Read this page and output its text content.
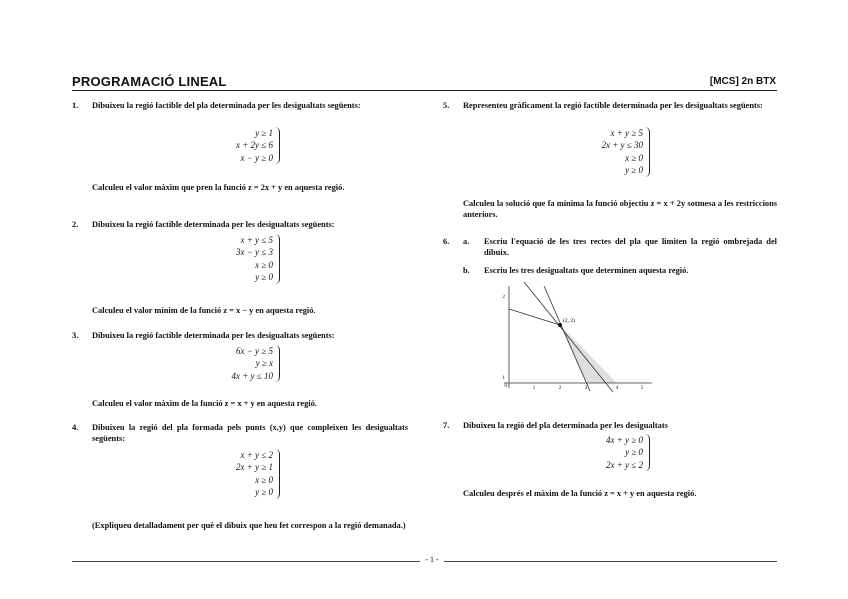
PROGRAMACIÓ LINEAL	[MCS] 2n BTX
1. Dibuixeu la regió factible del pla determinada per les desigualtats següents:
y ≥ 1
x + 2y ≤ 6
x − y ≥ 0
Calculeu el valor màxim que pren la funció z = 2x + y en aquesta regió.
2. Dibuixeu la regió factible determinada per les desigualtats següents:
x + y ≤ 5
3x − y ≤ 3
x ≥ 0
y ≥ 0
Calculeu el valor mínim de la funció z = x − y en aquesta regió.
3. Dibuixeu la regió factible determinada per les desigualtats següents:
6x − y ≥ 5
y ≥ x
4x + y ≤ 10
Calculeu el valor màxim de la funció z = x + y en aquesta regió.
4. Dibuixeu la regió del pla formada pels punts (x,y) que compleixen les desigualtats següents:
x + y ≤ 2
2x + y ≥ 1
x ≥ 0
y ≥ 0
(Expliqueu detalladament per què el dibuix que heu fet correspon a la regió demanada.)
5. Representeu gràficament la regió factible determinada per les desigualtats següents:
x + y ≥ 5
2x + y ≤ 30
x ≥ 0
y ≥ 0
Calculeu la solució que fa mínima la funció objectiu z = x + 2y sotmesa a les restriccions anteriors.
6. a. Escriu l'equació de les tres rectes del pla que limiten la regió ombrejada del dibuix.
b. Escriu les tres desigualtats que determinen aquesta regió.
(2, 2)
0	1	2	3	4	5
1
2
7. Dibuixeu la regió del pla determinada per les desigualtats
4x + y ≥ 0
y ≥ 0
2x + y ≤ 2
Calculeu després el màxim de la funció z = x + y en aquesta regió.
- 1 -
